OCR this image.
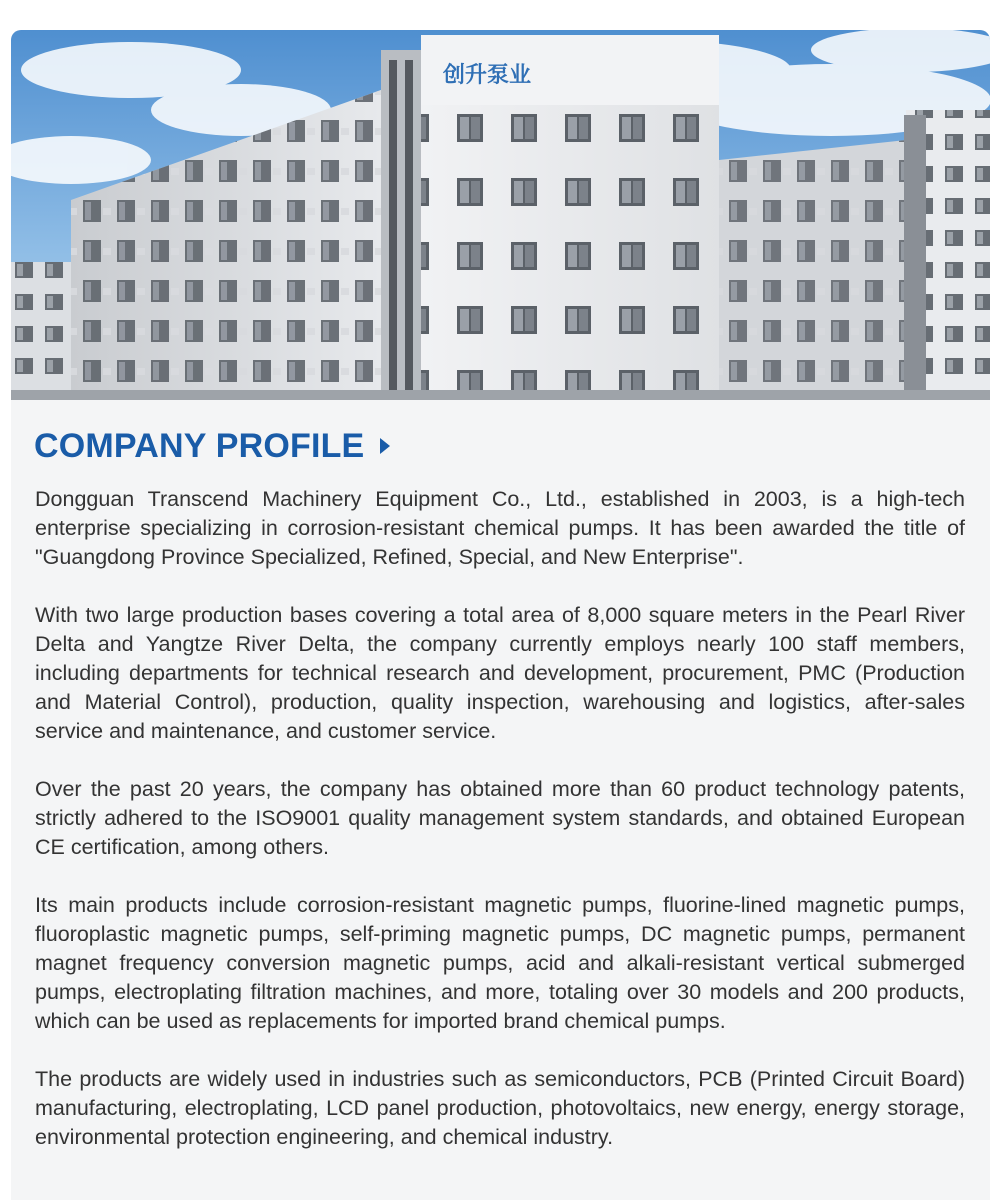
创升泵业
COMPANY PROFILE

Dongguan Transcend Machinery Equipment Co., Ltd., established in 2003, is a high-tech enterprise specializing in corrosion-resistant chemical pumps. It has been awarded the title of "Guangdong Province Specialized, Refined, Special, and New Enterprise".

With two large production bases covering a total area of 8,000 square meters in the Pearl River Delta and Yangtze River Delta, the company currently employs nearly 100 staff members, including departments for technical research and development, procurement, PMC (Production and Material Control), production, quality inspection, warehousing and logistics, after-sales service and maintenance, and customer service.

Over the past 20 years, the company has obtained more than 60 product technology patents, strictly adhered to the ISO9001 quality management system standards, and obtained European CE certification, among others.

Its main products include corrosion-resistant magnetic pumps, fluorine-lined magnetic pumps, fluoroplastic magnetic pumps, self-priming magnetic pumps, DC magnetic pumps, permanent magnet frequency conversion magnetic pumps, acid and alkali-resistant vertical submerged pumps, electroplating filtration machines, and more, totaling over 30 models and 200 products, which can be used as replacements for imported brand chemical pumps.

The products are widely used in industries such as semiconductors, PCB (Printed Circuit Board) manufacturing, electroplating, LCD panel production, photovoltaics, new energy, energy storage, environmental protection engineering, and chemical industry.
